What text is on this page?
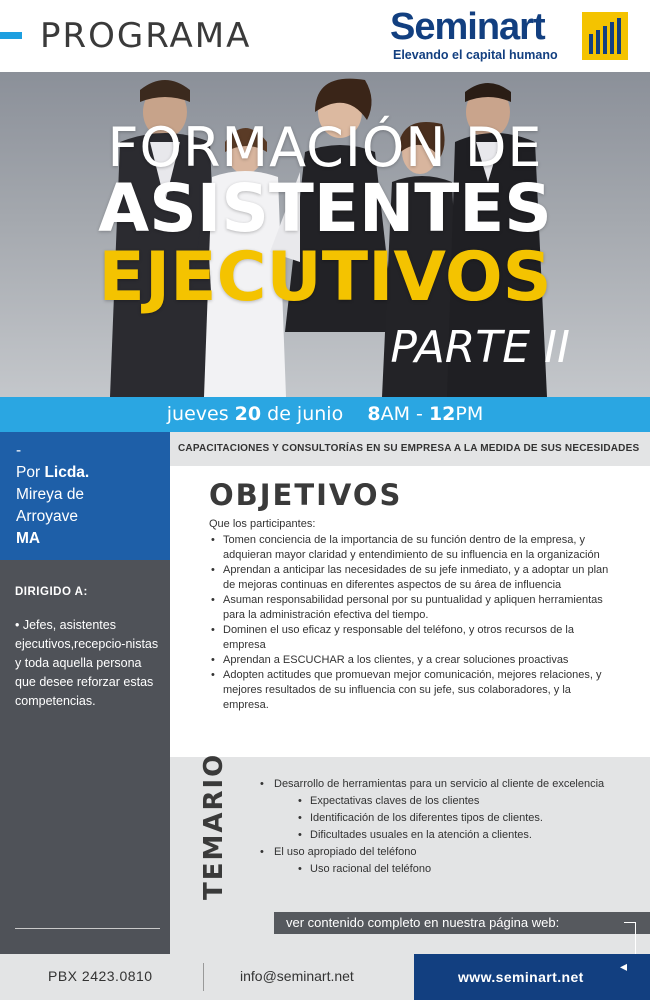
PROGRAMA	Seminart
Elevando el capital humano
FORMACIÓN DE
ASISTENTES
EJECUTIVOS
PARTE II
jueves 20 de junio 8AM - 12PM
-
Por Licda.
Mireya de
Arroyave
MA
DIRIGIDO A:
• Jefes, asistentes ejecutivos,recepcio-nistas y toda aquella persona que desee reforzar estas competencias.
CAPACITACIONES Y CONSULTORÍAS EN SU EMPRESA A LA MEDIDA DE SUS NECESIDADES
OBJETIVOS
Que los participantes:
• Tomen conciencia de la importancia de su función dentro de la empresa, y adquieran mayor claridad y entendimiento de su influencia en la organización
• Aprendan a anticipar las necesidades de su jefe inmediato, y a adoptar un plan de mejoras continuas en diferentes aspectos de su área de influencia
• Asuman responsabilidad personal por su puntualidad y apliquen herramientas para la administración efectiva del tiempo.
• Dominen el uso eficaz y responsable del teléfono, y otros recursos de la empresa
• Aprendan a ESCUCHAR a los clientes, y a crear soluciones proactivas
• Adopten actitudes que promuevan mejor comunicación, mejores relaciones, y mejores resultados de su influencia con su jefe, sus colaboradores, y la empresa.
TEMARIO
•	Desarrollo de herramientas para un servicio al cliente de excelencia
• Expectativas claves de los clientes
• Identificación de los diferentes tipos de clientes.
• Dificultades usuales en la atención a clientes.
• El uso apropiado del teléfono
• Uso racional del teléfono
ver contenido completo en nuestra página web:
PBX 2423.0810	info@seminart.net	www.seminart.net
◂
